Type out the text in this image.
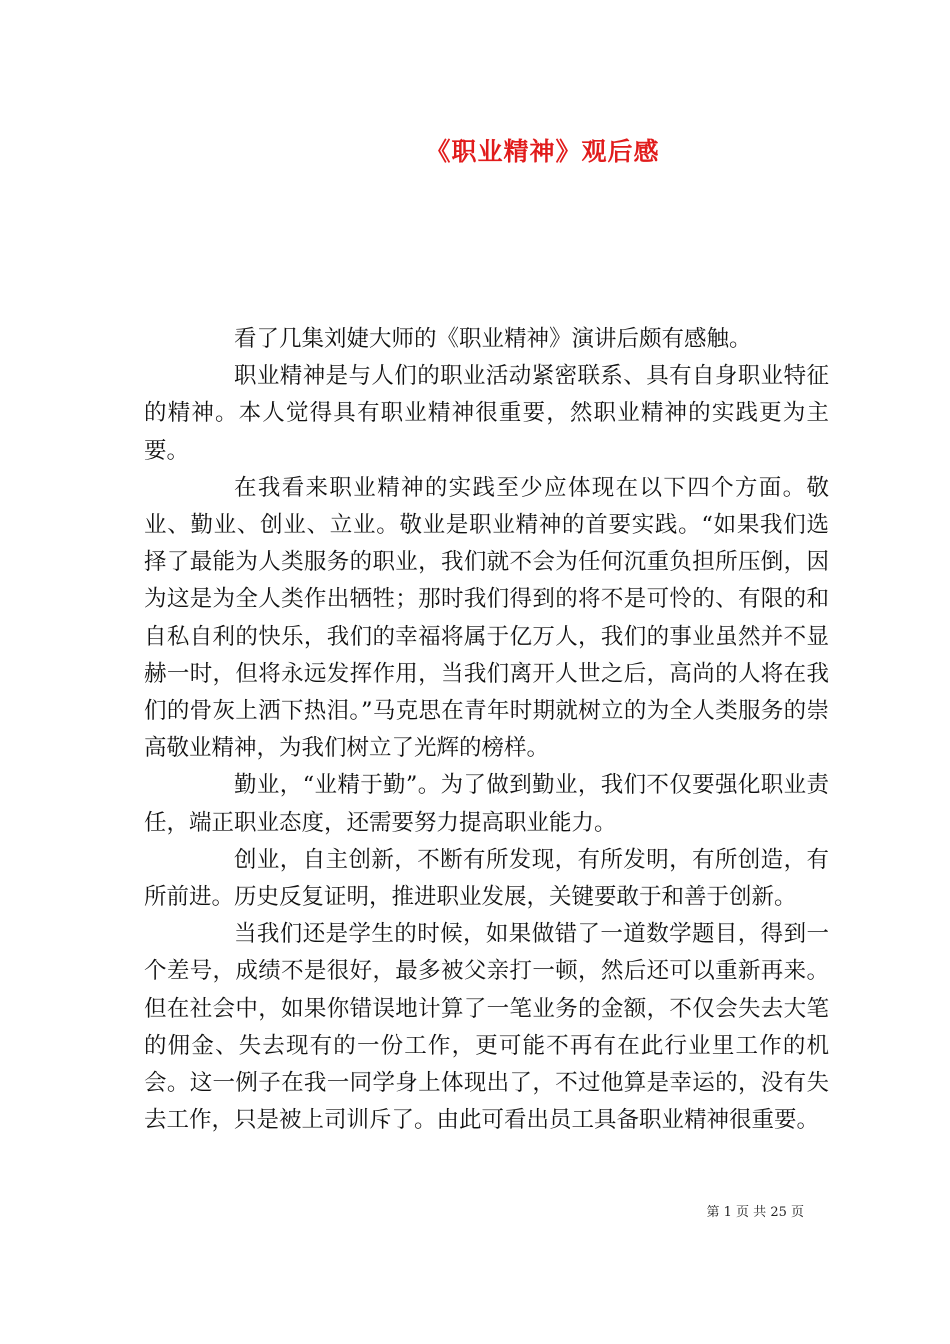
《职业精神》观后感

看了几集刘婕大师的《职业精神》演讲后颇有感触。

职业精神是与人们的职业活动紧密联系、具有自身职业特征的精神。本人觉得具有职业精神很重要，然职业精神的实践更为主要。

在我看来职业精神的实践至少应体现在以下四个方面。敬业、勤业、创业、立业。敬业是职业精神的首要实践。“如果我们选择了最能为人类服务的职业，我们就不会为任何沉重负担所压倒，因为这是为全人类作出牺牲；那时我们得到的将不是可怜的、有限的和自私自利的快乐，我们的幸福将属于亿万人，我们的事业虽然并不显赫一时，但将永远发挥作用，当我们离开人世之后，高尚的人将在我们的骨灰上洒下热泪。”马克思在青年时期就树立的为全人类服务的崇高敬业精神，为我们树立了光辉的榜样。

勤业，“业精于勤”。为了做到勤业，我们不仅要强化职业责任，端正职业态度，还需要努力提高职业能力。

创业，自主创新，不断有所发现，有所发明，有所创造，有所前进。历史反复证明，推进职业发展，关键要敢于和善于创新。

当我们还是学生的时候，如果做错了一道数学题目，得到一个差号，成绩不是很好，最多被父亲打一顿，然后还可以重新再来。但在社会中，如果你错误地计算了一笔业务的金额，不仅会失去大笔的佣金、失去现有的一份工作，更可能不再有在此行业里工作的机会。这一例子在我一同学身上体现出了，不过他算是幸运的，没有失去工作，只是被上司训斥了。由此可看出员工具备职业精神很重要。

第 1 页 共 25 页
